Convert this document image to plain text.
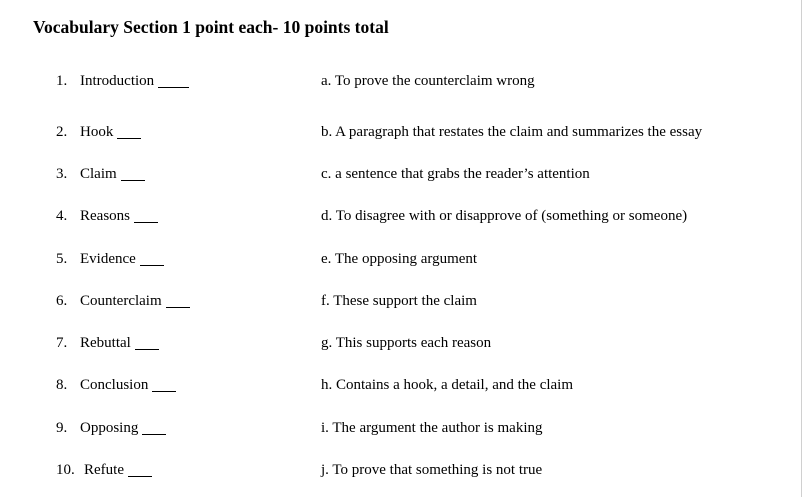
Vocabulary Section 1 point each- 10 points total
1. Introduction	a. To prove the counterclaim wrong
2. Hook	b. A paragraph that restates the claim and summarizes the essay
3. Claim	c. a sentence that grabs the reader’s attention
4. Reasons	d. To disagree with or disapprove of (something or someone)
5. Evidence	e. The opposing argument
6. Counterclaim	f. These support the claim
7. Rebuttal	g. This supports each reason
8. Conclusion	h. Contains a hook, a detail, and the claim
9. Opposing	i. The argument the author is making
10. Refute	j. To prove that something is not true
